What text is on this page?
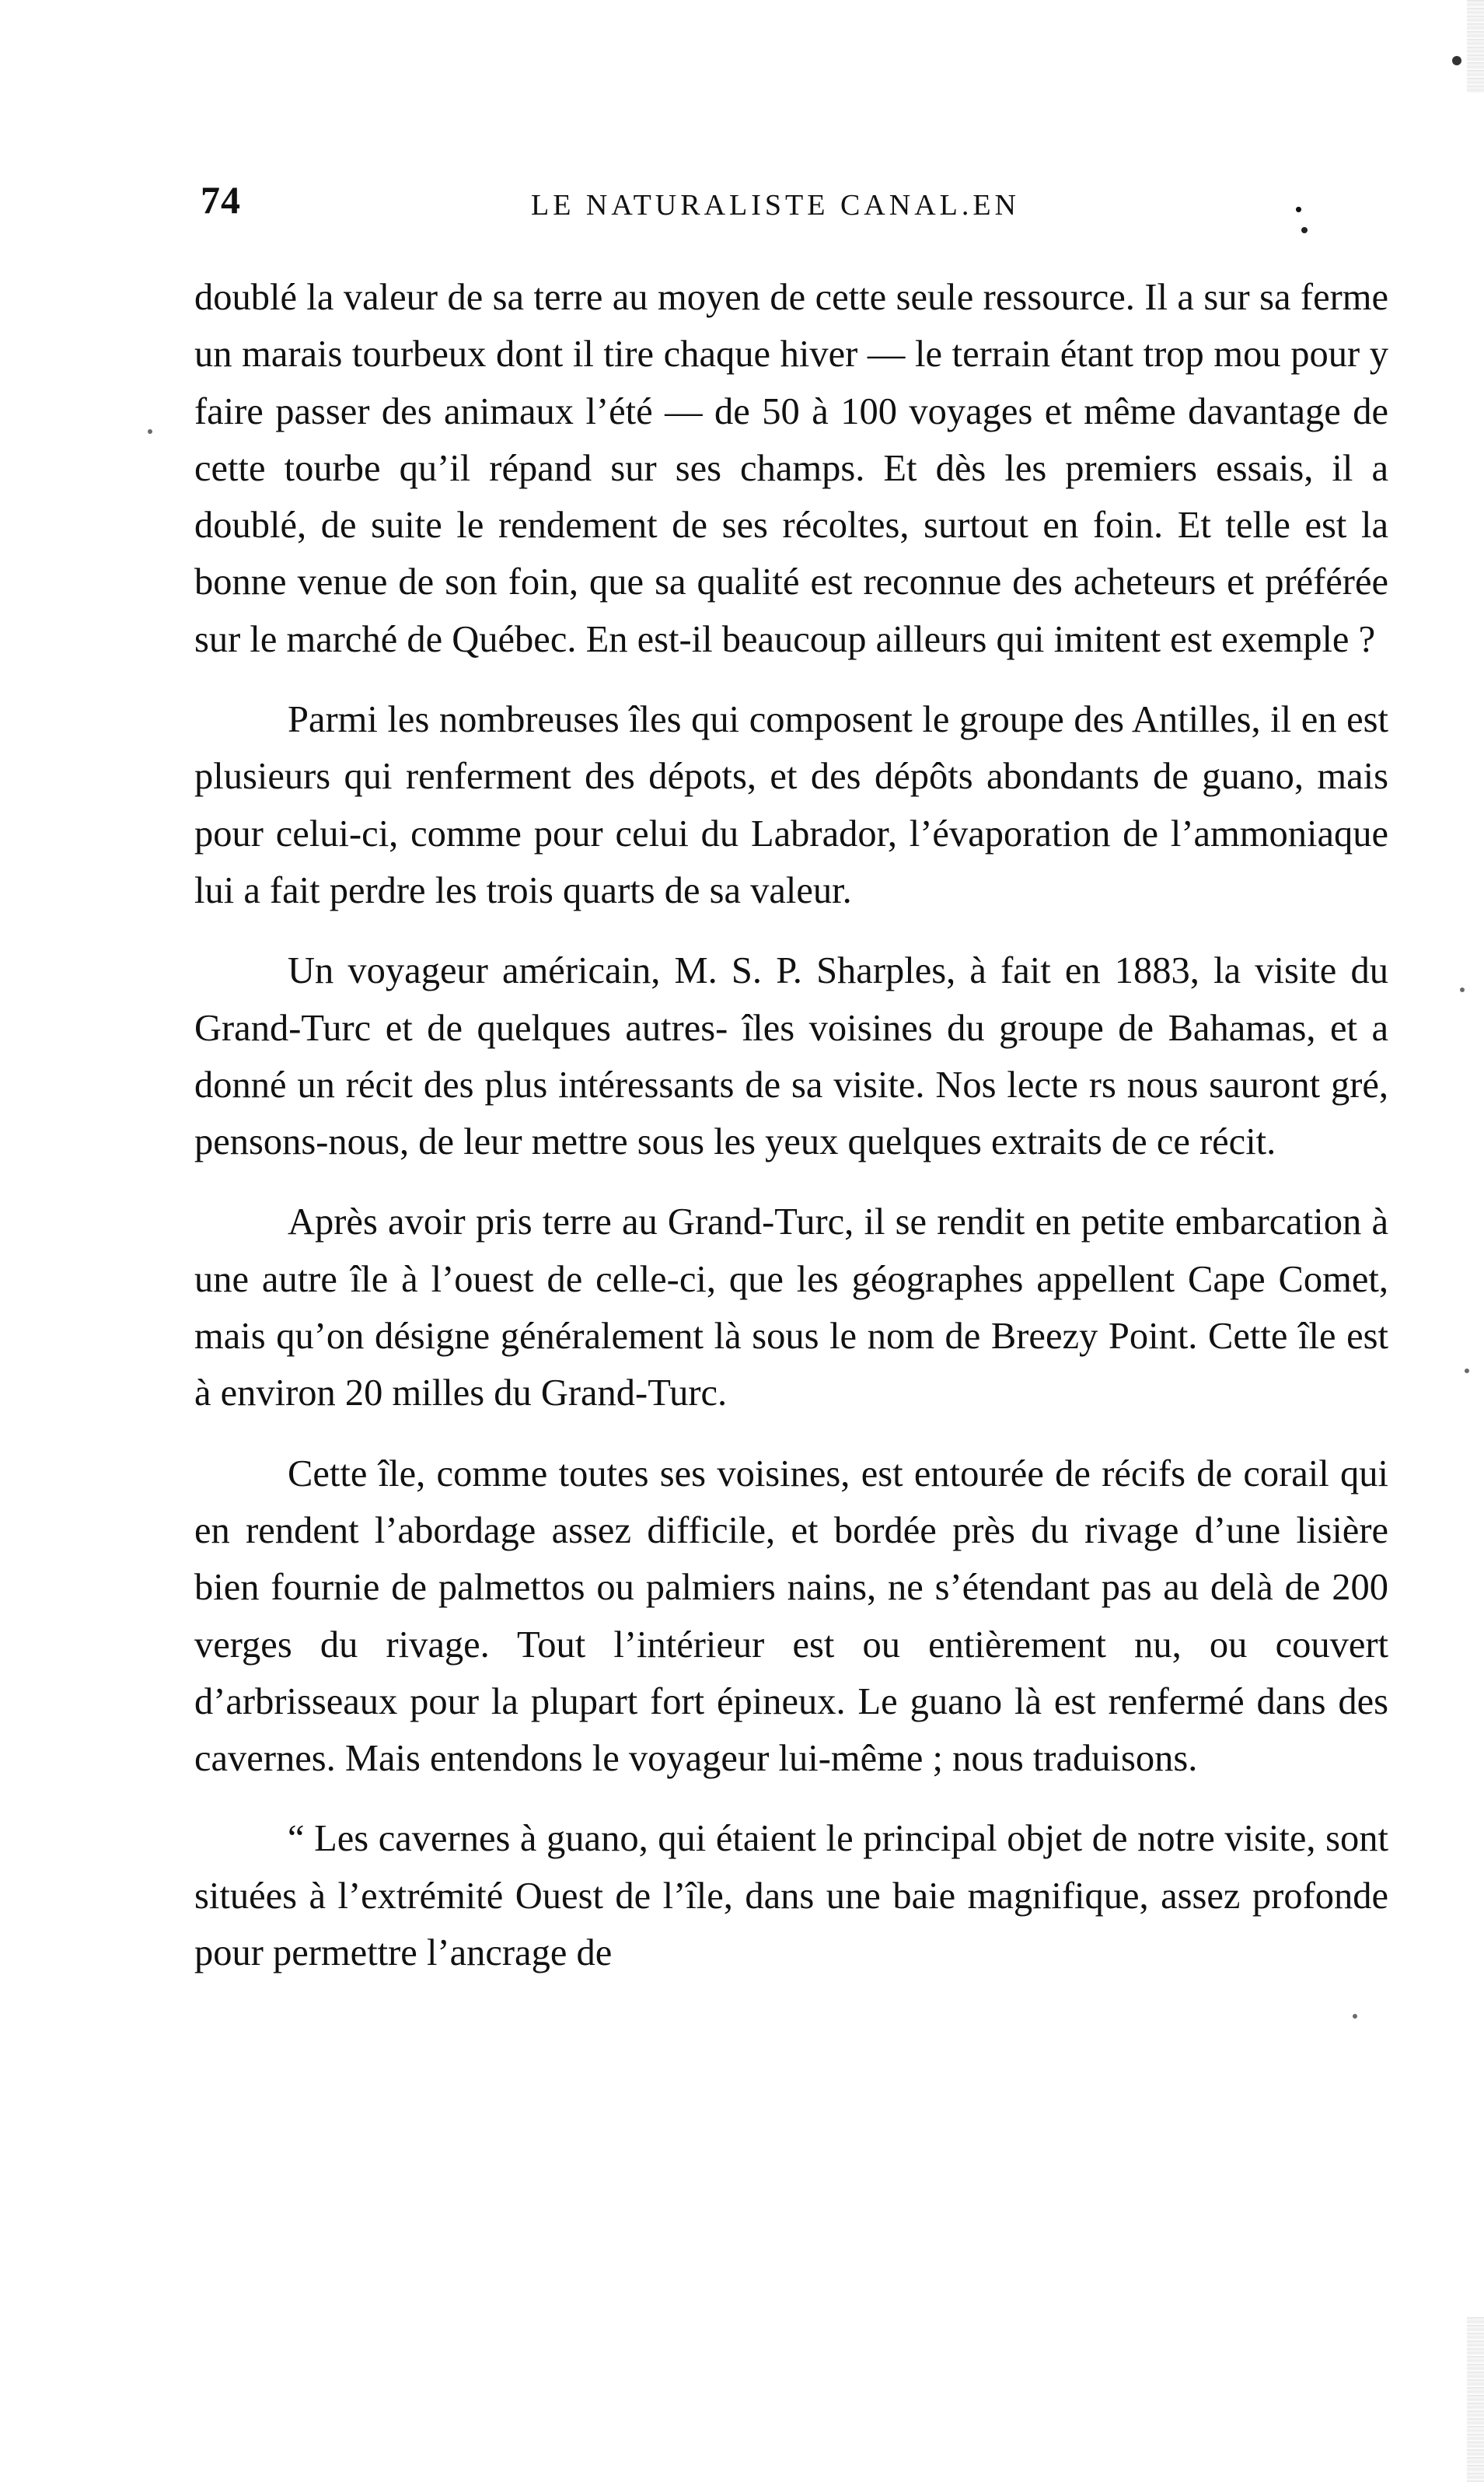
74	LE NATURALISTE CANAL.EN	.

doublé la valeur de sa terre au moyen de cette seule ressource. Il a sur sa ferme un marais tourbeux dont il tire chaque hiver — le terrain étant trop mou pour y faire passer des animaux l’été — de 50 à 100 voyages et même davantage de cette tourbe qu’il répand sur ses champs. Et dès les premiers essais, il a doublé, de suite le rendement de ses récoltes, surtout en foin. Et telle est la bonne venue de son foin, que sa qualité est reconnue des acheteurs et préférée sur le marché de Québec. En est-il beaucoup ailleurs qui imitent est exemple ?

Parmi les nombreuses îles qui composent le groupe des Antilles, il en est plusieurs qui renferment des dépots, et des dépôts abondants de guano, mais pour celui-ci, comme pour celui du Labrador, l’évaporation de l’ammoniaque lui a fait perdre les trois quarts de sa valeur.

Un voyageur américain, M. S. P. Sharples, à fait en 1883, la visite du Grand-Turc et de quelques autres- îles voisines du groupe de Bahamas, et a donné un récit des plus intéressants de sa visite. Nos lecte rs nous sauront gré, pensons-nous, de leur mettre sous les yeux quelques extraits de ce récit.

Après avoir pris terre au Grand-Turc, il se rendit en petite embarcation à une autre île à l’ouest de celle-ci, que les géographes appellent Cape Comet, mais qu’on désigne généralement là sous le nom de Breezy Point. Cette île est à environ 20 milles du Grand-Turc.

Cette île, comme toutes ses voisines, est entourée de récifs de corail qui en rendent l’abordage assez difficile, et bordée près du rivage d’une lisière bien fournie de palmettos ou palmiers nains, ne s’étendant pas au delà de 200 verges du rivage. Tout l’intérieur est ou entièrement nu, ou couvert d’arbrisseaux pour la plupart fort épineux. Le guano là est renfermé dans des cavernes. Mais entendons le voyageur lui-même ; nous traduisons.

“ Les cavernes à guano, qui étaient le principal objet de notre visite, sont situées à l’extrémité Ouest de l’île, dans une baie magnifique, assez profonde pour permettre l’ancrage de
